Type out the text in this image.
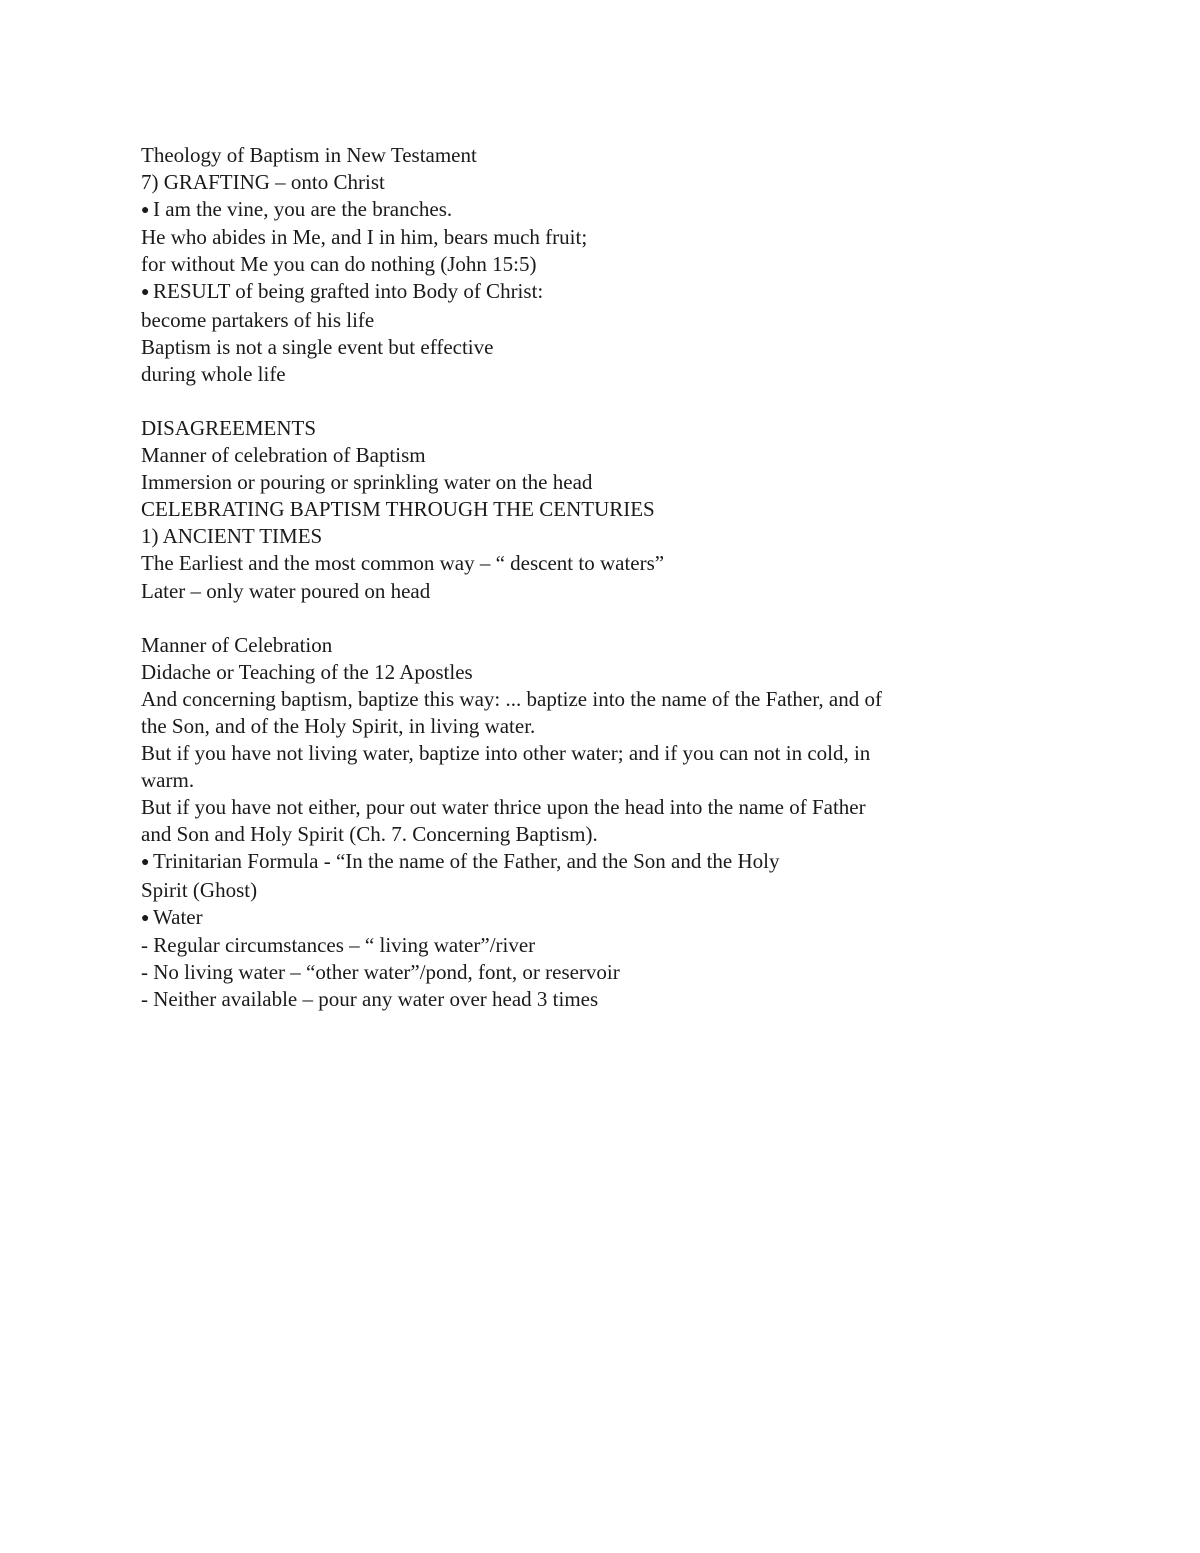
Theology of Baptism in New Testament
7) GRAFTING – onto Christ
● I am the vine, you are the branches.
He who abides in Me, and I in him, bears much fruit;
for without Me you can do nothing (John 15:5)
● RESULT of being grafted into Body of Christ:
become partakers of his life
Baptism is not a single event but effective
during whole life
DISAGREEMENTS
Manner of celebration of Baptism
Immersion or pouring or sprinkling water on the head
CELEBRATING BAPTISM THROUGH THE CENTURIES
1) ANCIENT TIMES
The Earliest and the most common way – “ descent to waters”
Later – only water poured on head
Manner of Celebration
Didache or Teaching of the 12 Apostles
And concerning baptism, baptize this way: ... baptize into the name of the Father, and of
the Son, and of the Holy Spirit, in living water.
But if you have not living water, baptize into other water; and if you can not in cold, in
warm.
But if you have not either, pour out water thrice upon the head into the name of Father
and Son and Holy Spirit (Ch. 7. Concerning Baptism).
● Trinitarian Formula - “In the name of the Father, and the Son and the Holy
Spirit (Ghost)
● Water
- Regular circumstances – “ living water”/river
- No living water – “other water”/pond, font, or reservoir
- Neither available – pour any water over head 3 times
